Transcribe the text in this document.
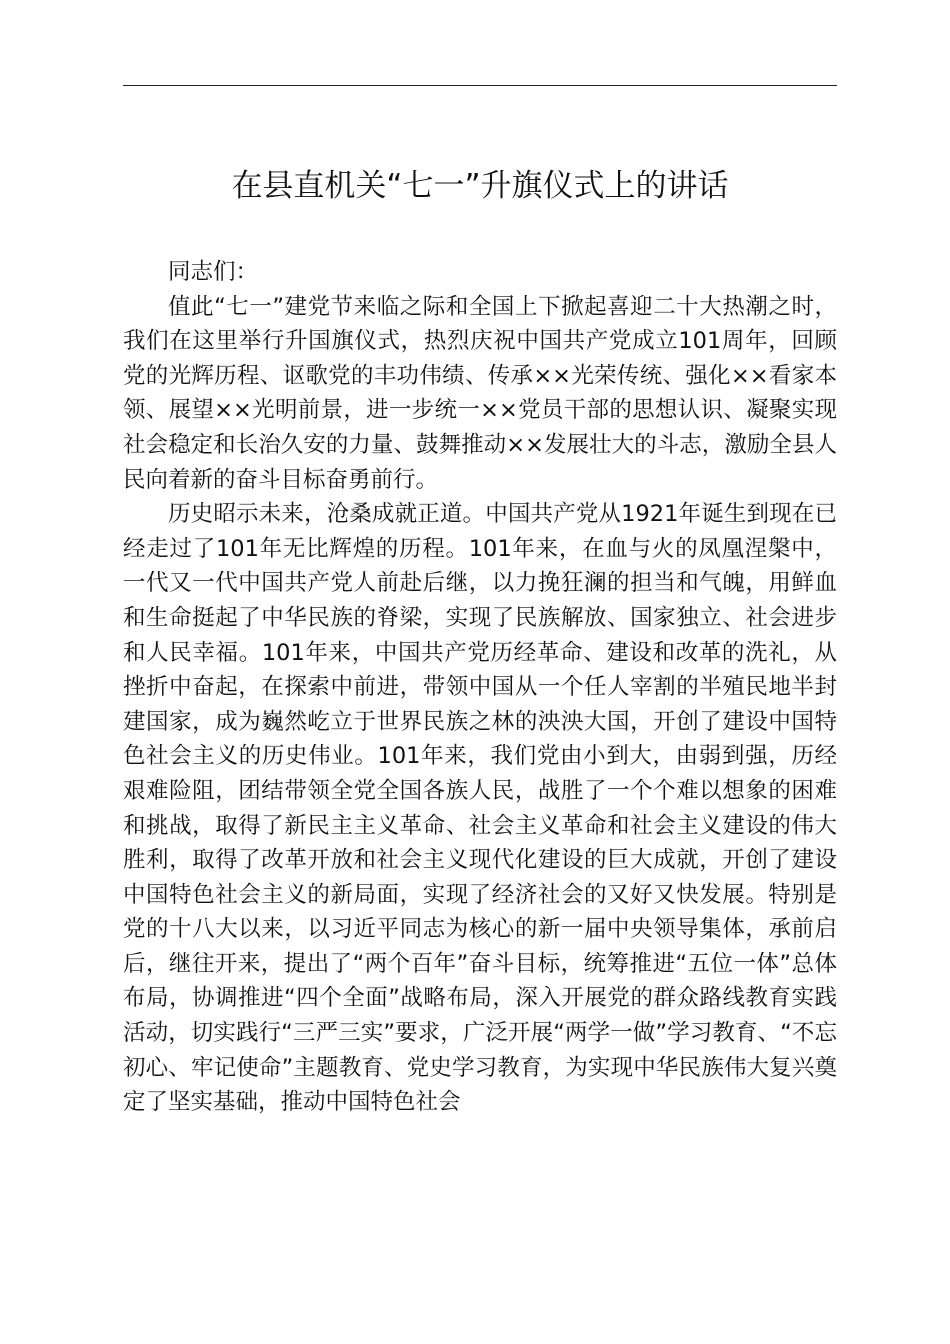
在县直机关“七一”升旗仪式上的讲话

同志们：

值此“七一”建党节来临之际和全国上下掀起喜迎二十大热潮之时，我们在这里举行升国旗仪式，热烈庆祝中国共产党成立101周年，回顾党的光辉历程、讴歌党的丰功伟绩、传承××光荣传统、强化××看家本领、展望××光明前景，进一步统一××党员干部的思想认识、凝聚实现社会稳定和长治久安的力量、鼓舞推动××发展壮大的斗志，激励全县人民向着新的奋斗目标奋勇前行。

历史昭示未来，沧桑成就正道。中国共产党从1921年诞生到现在已经走过了101年无比辉煌的历程。101年来，在血与火的凤凰涅槃中，一代又一代中国共产党人前赴后继，以力挽狂澜的担当和气魄，用鲜血和生命挺起了中华民族的脊梁，实现了民族解放、国家独立、社会进步和人民幸福。101年来，中国共产党历经革命、建设和改革的洗礼，从挫折中奋起，在探索中前进，带领中国从一个任人宰割的半殖民地半封建国家，成为巍然屹立于世界民族之林的泱泱大国，开创了建设中国特色社会主义的历史伟业。101年来，我们党由小到大，由弱到强，历经艰难险阻，团结带领全党全国各族人民，战胜了一个个难以想象的困难和挑战，取得了新民主主义革命、社会主义革命和社会主义建设的伟大胜利，取得了改革开放和社会主义现代化建设的巨大成就，开创了建设中国特色社会主义的新局面，实现了经济社会的又好又快发展。特别是党的十八大以来，以习近平同志为核心的新一届中央领导集体，承前启后，继往开来，提出了“两个百年”奋斗目标，统筹推进“五位一体”总体布局，协调推进“四个全面”战略布局，深入开展党的群众路线教育实践活动，切实践行“三严三实”要求，广泛开展“两学一做”学习教育、“不忘初心、牢记使命”主题教育、党史学习教育，为实现中华民族伟大复兴奠定了坚实基础，推动中国特色社会
